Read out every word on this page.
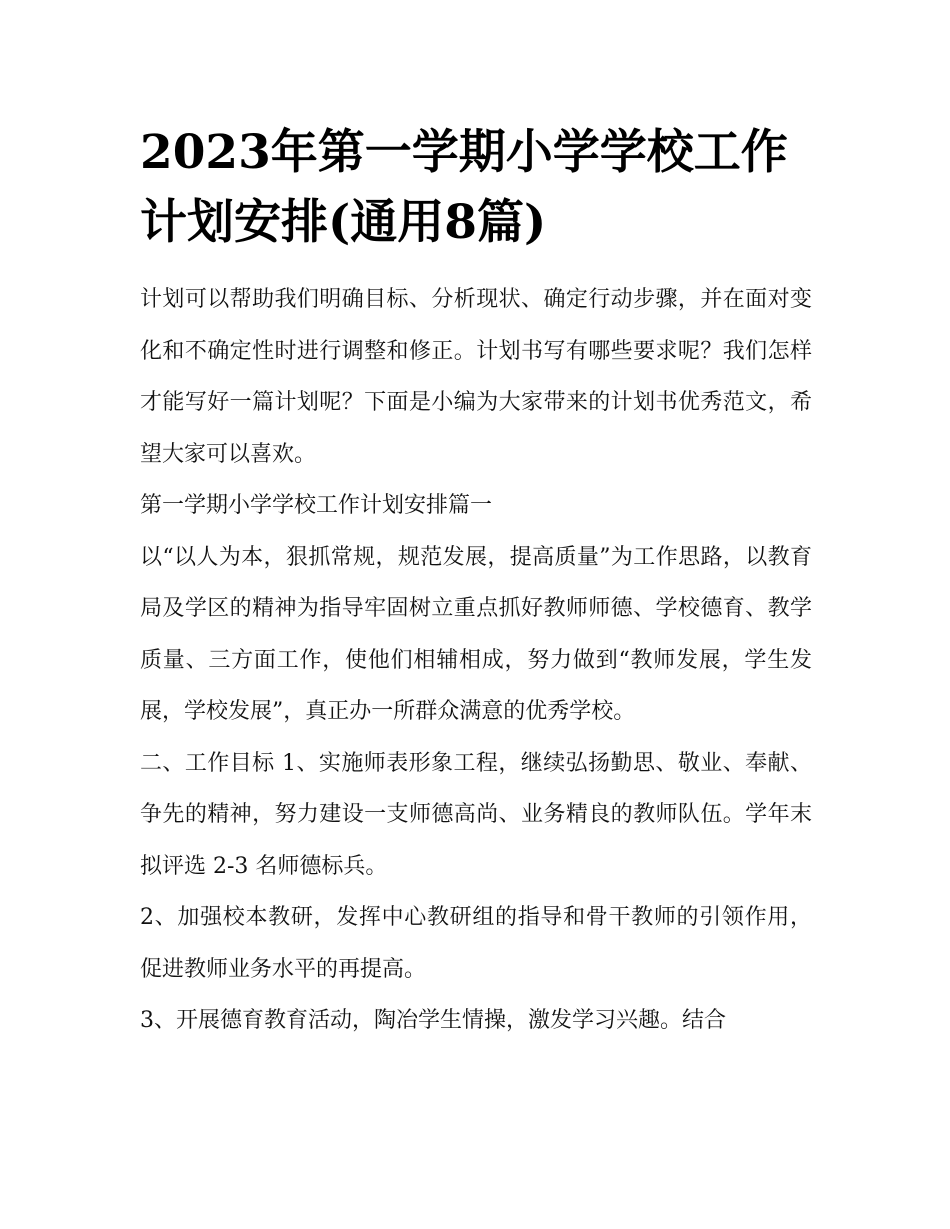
2023年第一学期小学学校工作计划安排(通用8篇)

计划可以帮助我们明确目标、分析现状、确定行动步骤，并在面对变化和不确定性时进行调整和修正。计划书写有哪些要求呢？我们怎样才能写好一篇计划呢？下面是小编为大家带来的计划书优秀范文，希望大家可以喜欢。

第一学期小学学校工作计划安排篇一

以“以人为本，狠抓常规，规范发展，提高质量”为工作思路，以教育局及学区的精神为指导牢固树立重点抓好教师师德、学校德育、教学质量、三方面工作，使他们相辅相成，努力做到“教师发展，学生发展，学校发展”，真正办一所群众满意的优秀学校。

二、工作目标 1、实施师表形象工程，继续弘扬勤思、敬业、奉献、争先的精神，努力建设一支师德高尚、业务精良的教师队伍。学年末拟评选 2-3 名师德标兵。

2、加强校本教研，发挥中心教研组的指导和骨干教师的引领作用，促进教师业务水平的再提高。

3、开展德育教育活动，陶冶学生情操，激发学习兴趣。结合
